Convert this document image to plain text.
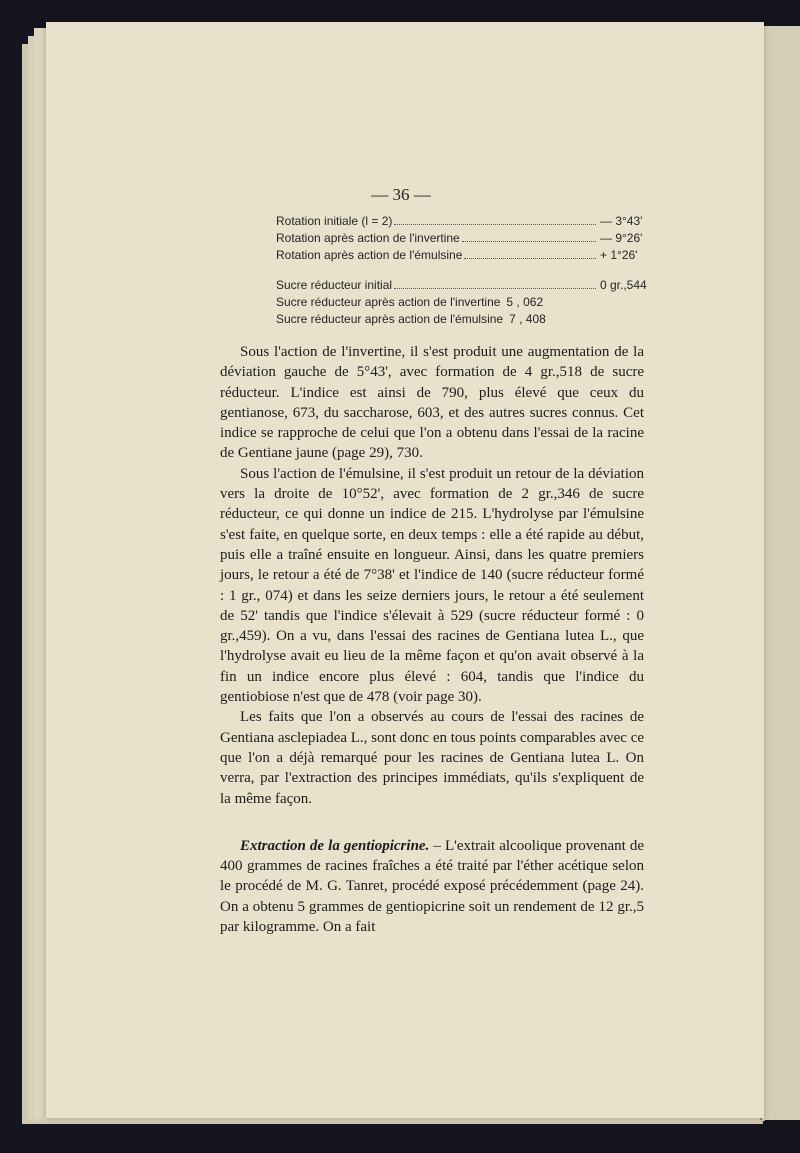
— 36 —
Rotation initiale (l = 2)	— 3°43'
Rotation après action de l'invertine	— 9°26'
Rotation après action de l'émulsine	+ 1°26'
Sucre réducteur initial	0 gr.,544
Sucre réducteur après action de l'invertine 5 , 062
Sucre réducteur après action de l'émulsine 7 , 408

Sous l'action de l'invertine, il s'est produit une augmentation de la déviation gauche de 5°43', avec formation de 4 gr.,518 de sucre réducteur. L'indice est ainsi de 790, plus élevé que ceux du gentianose, 673, du saccharose, 603, et des autres sucres connus. Cet indice se rapproche de celui que l'on a obtenu dans l'essai de la racine de Gentiane jaune (page 29), 730.

Sous l'action de l'émulsine, il s'est produit un retour de la déviation vers la droite de 10°52', avec formation de 2 gr.,346 de sucre réducteur, ce qui donne un indice de 215. L'hydrolyse par l'émulsine s'est faite, en quelque sorte, en deux temps : elle a été rapide au début, puis elle a traîné ensuite en longueur. Ainsi, dans les quatre premiers jours, le retour a été de 7°38' et l'indice de 140 (sucre réducteur formé : 1 gr., 074) et dans les seize derniers jours, le retour a été seulement de 52' tandis que l'indice s'élevait à 529 (sucre réducteur formé : 0 gr.,459). On a vu, dans l'essai des racines de Gentiana lutea L., que l'hydrolyse avait eu lieu de la même façon et qu'on avait observé à la fin un indice encore plus élevé : 604, tandis que l'indice du gentiobiose n'est que de 478 (voir page 30).

Les faits que l'on a observés au cours de l'essai des racines de Gentiana asclepiadea L., sont donc en tous points comparables avec ce que l'on a déjà remarqué pour les racines de Gentiana lutea L. On verra, par l'extraction des principes immédiats, qu'ils s'expliquent de la même façon.

Extraction de la gentiopicrine. – L'extrait alcoolique provenant de 400 grammes de racines fraîches a été traité par l'éther acétique selon le procédé de M. G. Tanret, procédé exposé précédemment (page 24). On a obtenu 5 grammes de gentiopicrine soit un rendement de 12 gr.,5 par kilogramme. On a fait
